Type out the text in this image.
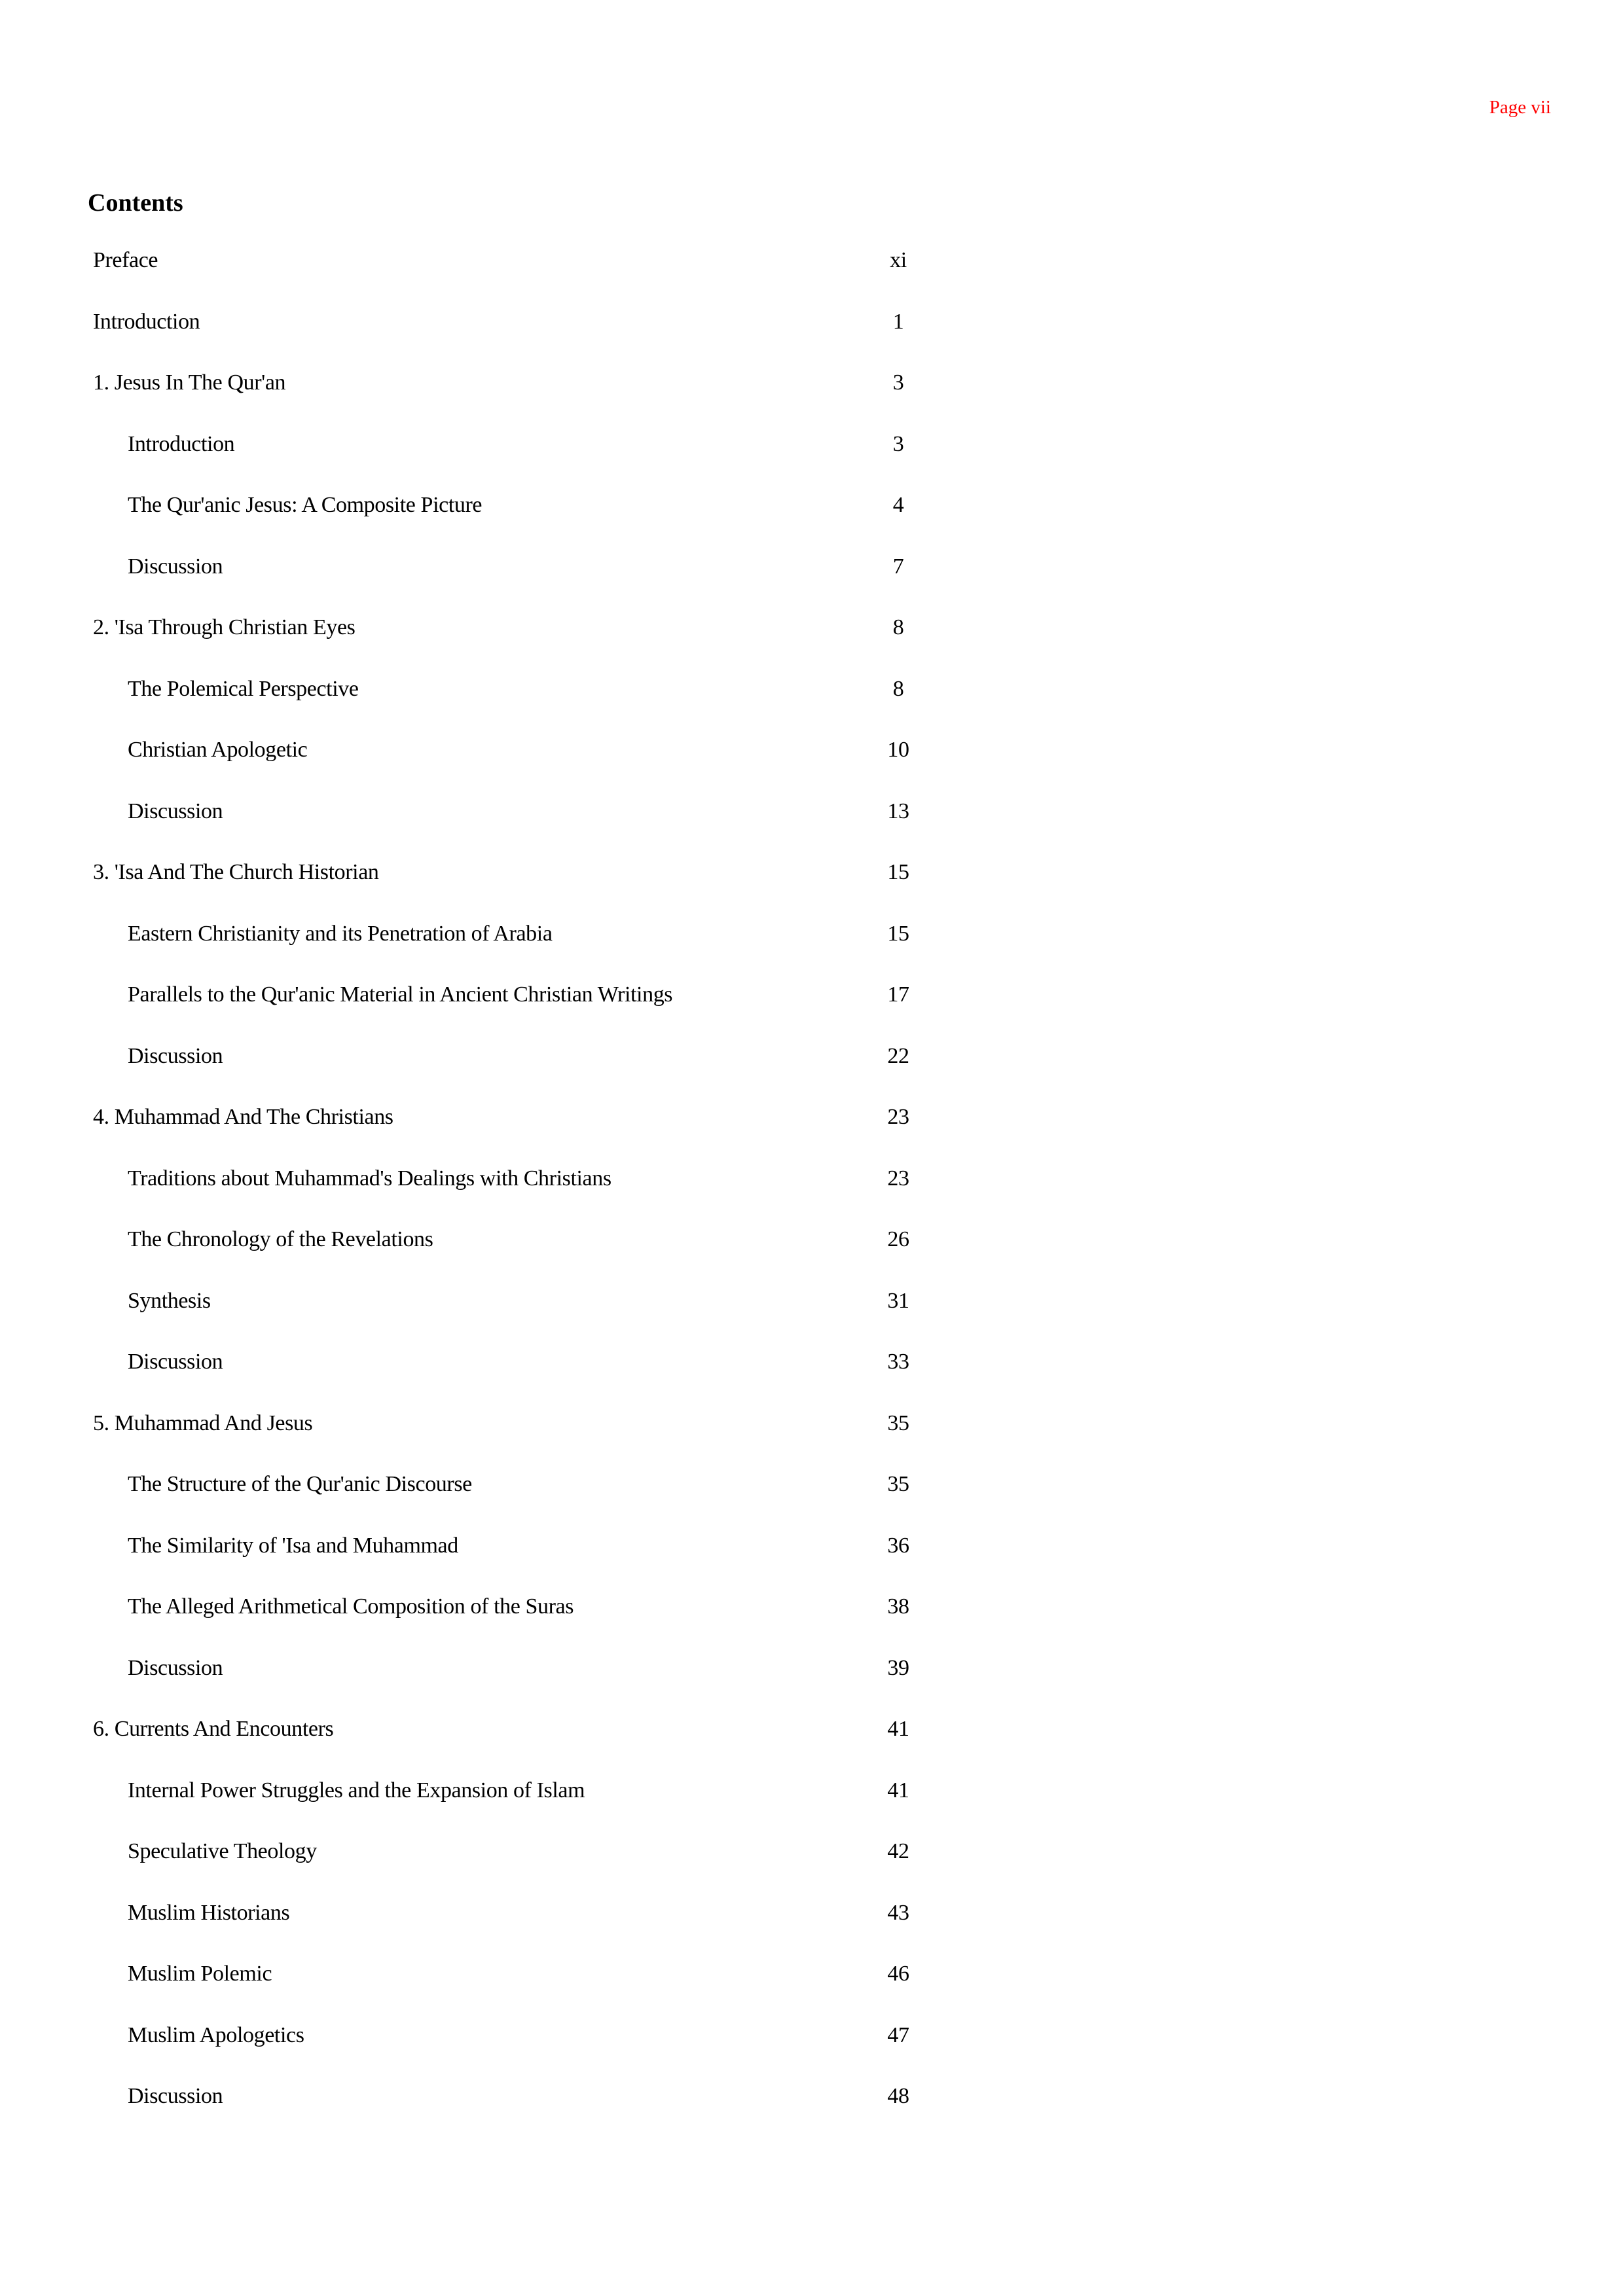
Page vii
Contents
Preface	xi
Introduction	1
1. Jesus In The Qur'an	3
Introduction	3
The Qur'anic Jesus: A Composite Picture	4
Discussion	7
2. 'Isa Through Christian Eyes	8
The Polemical Perspective	8
Christian Apologetic	10
Discussion	13
3. 'Isa And The Church Historian	15
Eastern Christianity and its Penetration of Arabia	15
Parallels to the Qur'anic Material in Ancient Christian Writings	17
Discussion	22
4. Muhammad And The Christians	23
Traditions about Muhammad's Dealings with Christians	23
The Chronology of the Revelations	26
Synthesis	31
Discussion	33
5. Muhammad And Jesus	35
The Structure of the Qur'anic Discourse	35
The Similarity of 'Isa and Muhammad	36
The Alleged Arithmetical Composition of the Suras	38
Discussion	39
6. Currents And Encounters	41
Internal Power Struggles and the Expansion of Islam	41
Speculative Theology	42
Muslim Historians	43
Muslim Polemic	46
Muslim Apologetics	47
Discussion	48
